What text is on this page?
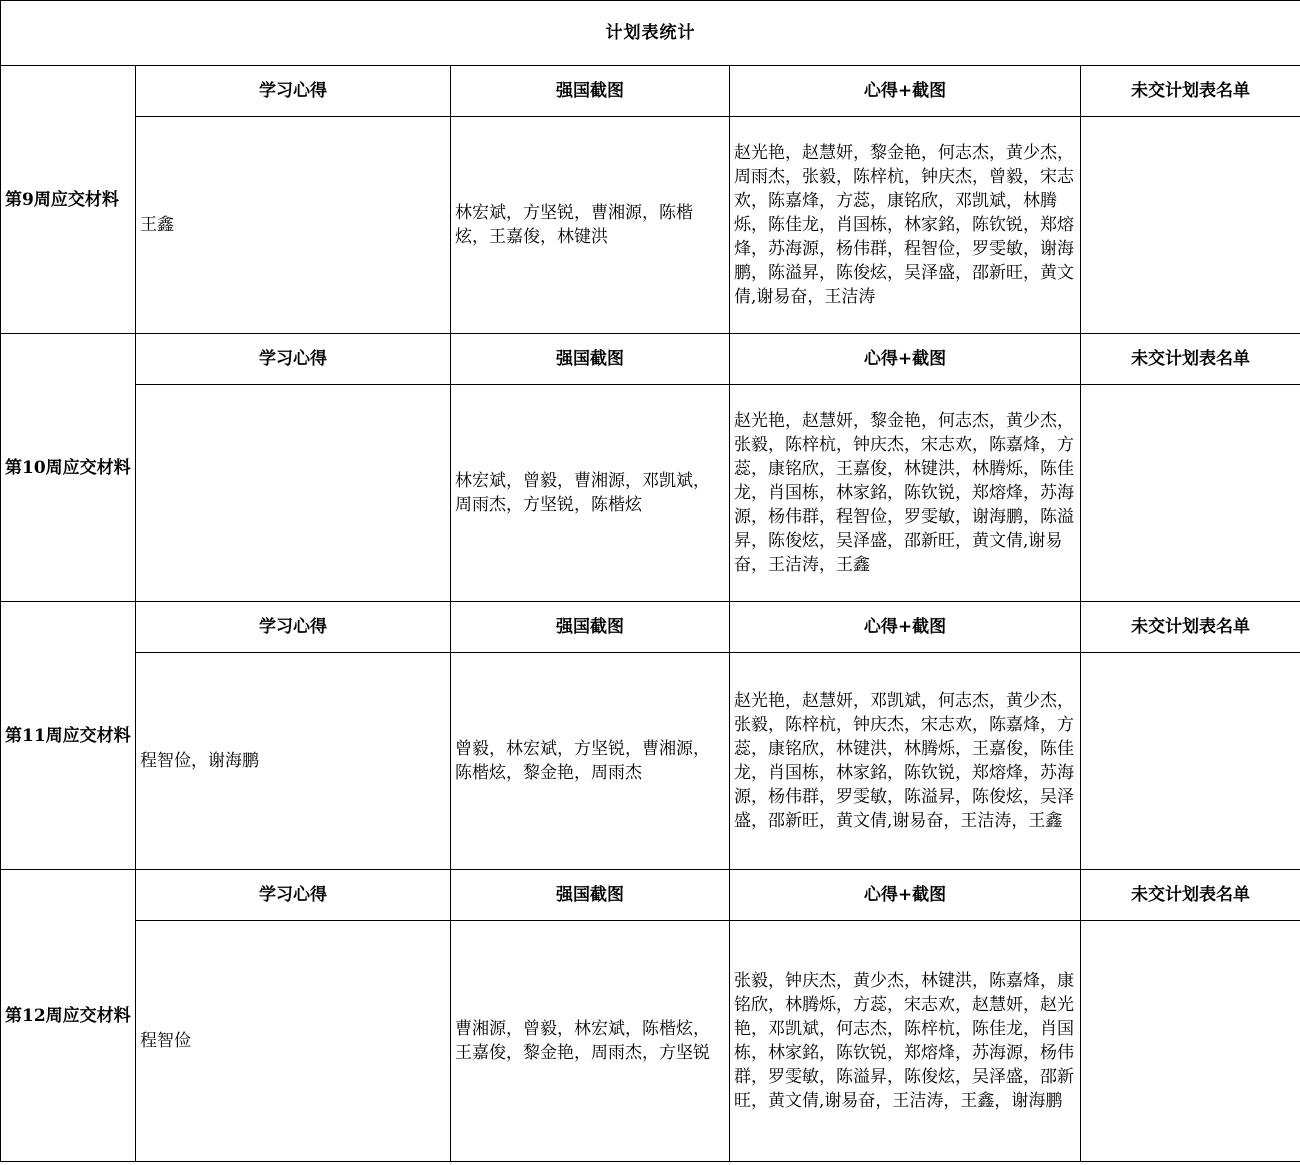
计划表统计				
第9周应交材料	学习心得	强国截图	心得+截图	未交计划表名单
	王鑫	林宏斌，方坚锐，曹湘源，陈楷炫，王嘉俊，林键洪	赵光艳，赵慧妍，黎金艳，何志杰，黄少杰，周雨杰，张毅，陈梓杭，钟庆杰，曾毅，宋志欢，陈嘉烽，方蕊，康铭欣，邓凯斌，林腾烁，陈佳龙，肖国栋，林家銘，陈钦锐，郑熔烽，苏海源，杨伟群，程智俭，罗雯敏，谢海鹏，陈溢昇，陈俊炫，吴泽盛，邵新旺，黄文倩,谢易奋，王洁涛	
第10周应交材料	学习心得	强国截图	心得+截图	未交计划表名单
		林宏斌，曾毅，曹湘源，邓凯斌，周雨杰，方坚锐，陈楷炫	赵光艳，赵慧妍，黎金艳，何志杰，黄少杰，张毅，陈梓杭，钟庆杰，宋志欢，陈嘉烽，方蕊，康铭欣，王嘉俊，林键洪，林腾烁，陈佳龙，肖国栋，林家銘，陈钦锐，郑熔烽，苏海源，杨伟群，程智俭，罗雯敏，谢海鹏，陈溢昇，陈俊炫，吴泽盛，邵新旺，黄文倩,谢易奋，王洁涛，王鑫	
第11周应交材料	学习心得	强国截图	心得+截图	未交计划表名单
	程智俭，谢海鹏	曾毅，林宏斌，方坚锐，曹湘源，陈楷炫，黎金艳，周雨杰	赵光艳，赵慧妍，邓凯斌，何志杰，黄少杰，张毅，陈梓杭，钟庆杰，宋志欢，陈嘉烽，方蕊，康铭欣，林键洪，林腾烁，王嘉俊，陈佳龙，肖国栋，林家銘，陈钦锐，郑熔烽，苏海源，杨伟群，罗雯敏，陈溢昇，陈俊炫，吴泽盛，邵新旺，黄文倩,谢易奋，王洁涛，王鑫	
第12周应交材料	学习心得	强国截图	心得+截图	未交计划表名单
	程智俭	曹湘源，曾毅，林宏斌，陈楷炫，王嘉俊，黎金艳，周雨杰，方坚锐	张毅，钟庆杰，黄少杰，林键洪，陈嘉烽，康铭欣，林腾烁，方蕊，宋志欢，赵慧妍，赵光艳，邓凯斌，何志杰，陈梓杭，陈佳龙，肖国栋，林家銘，陈钦锐，郑熔烽，苏海源，杨伟群，罗雯敏，陈溢昇，陈俊炫，吴泽盛，邵新旺，黄文倩,谢易奋，王洁涛，王鑫，谢海鹏	
